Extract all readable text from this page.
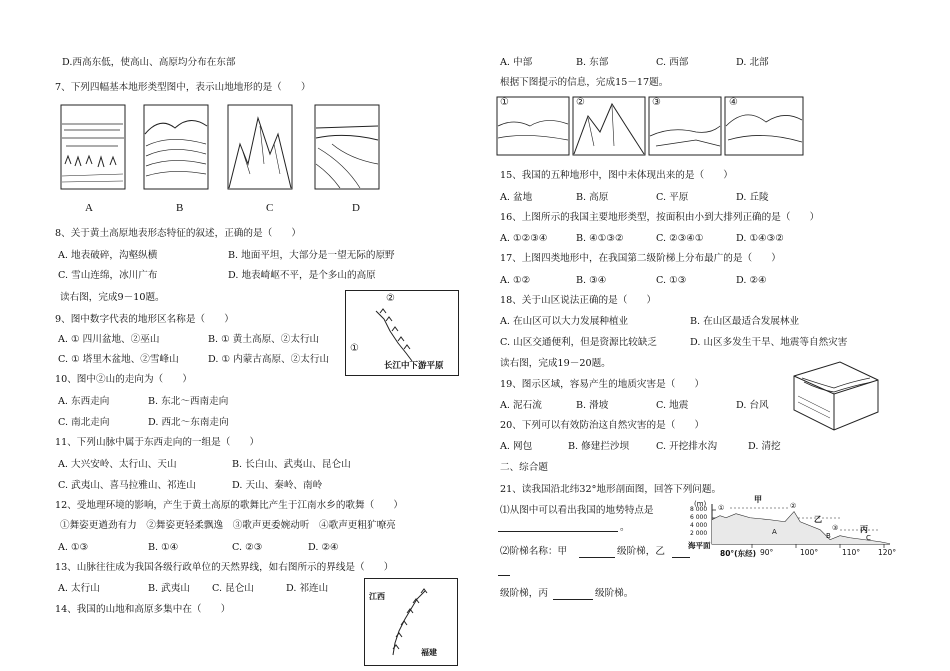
D.西高东低，使高山、高原均分布在东部
7、下列四幅基本地形类型图中，表示山地地形的是（　　）
A	B	C	D
8、关于黄土高原地表形态特征的叙述，正确的是（　　）
A. 地表破碎，沟壑纵横	B. 地面平坦，大部分是一望无际的原野
C. 雪山连绵，冰川广布	D. 地表崎岖不平，是个多山的高原
读右图，完成9－10题。
9、图中数字代表的地形区名称是（　　）
A. ① 四川盆地、②巫山	B. ① 黄土高原、②太行山
C. ① 塔里木盆地、②雪峰山	D. ① 内蒙古高原、②太行山
②
①
长江中下游平原
10、图中②山的走向为（　　）
A. 东西走向	B. 东北～西南走向
C. 南北走向	D. 西北～东南走向
11、下列山脉中属于东西走向的一组是（　　）
A. 大兴安岭、太行山、天山	B. 长白山、武夷山、昆仑山
C. 武夷山、喜马拉雅山、祁连山	D. 天山、秦岭、南岭
12、受地理环境的影响，产生于黄土高原的歌舞比产生于江南水乡的歌舞（　　）
①舞姿更遒劲有力　②舞姿更轻柔飘逸　③歌声更委婉动听　④歌声更粗犷嘹亮
A. ①③	B. ①④	C. ②③	D. ②④
13、山脉往往成为我国各级行政单位的天然界线，如右图所示的界线是（　　）
A. 太行山	B. 武夷山 C. 昆仑山	D. 祁连山
14、我国的山地和高原多集中在（　　）
江西
福建
A. 中部	B. 东部	C. 西部	D. 北部
根据下图提示的信息，完成15－17题。
①	②	③	④
15、我国的五种地形中，图中未体现出来的是（　　）
A. 盆地	B. 高原	C. 平原	D. 丘陵
16、上图所示的我国主要地形类型，按面积由小到大排列正确的是（　　）
A. ①②③④	B. ④①③②	C. ②③④①	D. ①④③②
17、上图四类地形中，在我国第二级阶梯上分布最广的是（　　）
A. ①②	B. ③④	C. ①③	D. ②④
18、关于山区说法正确的是（　　）
A. 在山区可以大力发展种植业	B. 在山区最适合发展林业
C. 山区交通便利，但是资源比较缺乏	D. 山区多发生干旱、地震等自然灾害
读右图，完成19－20题。
19、图示区域，容易产生的地质灾害是（　　）
A. 泥石流	B. 滑坡	C. 地震	D. 台风
20、下列可以有效防治这自然灾害的是（　　）
A. 网包	B. 修建拦沙坝	C. 开挖排水沟	D. 清挖
二、综合题
21、读我国沿北纬32°地形剖面图，回答下列问题。
⑴从图中可以看出我国的地势特点是
。
⑵阶梯名称：甲	级阶梯，乙
级阶梯，丙	级阶梯。
(m)	甲
乙
丙
8 000
6 000
4 000
2 000
海平面
80°(东经) 90°	100°	110° 120°
①	②
③
A	B	C
